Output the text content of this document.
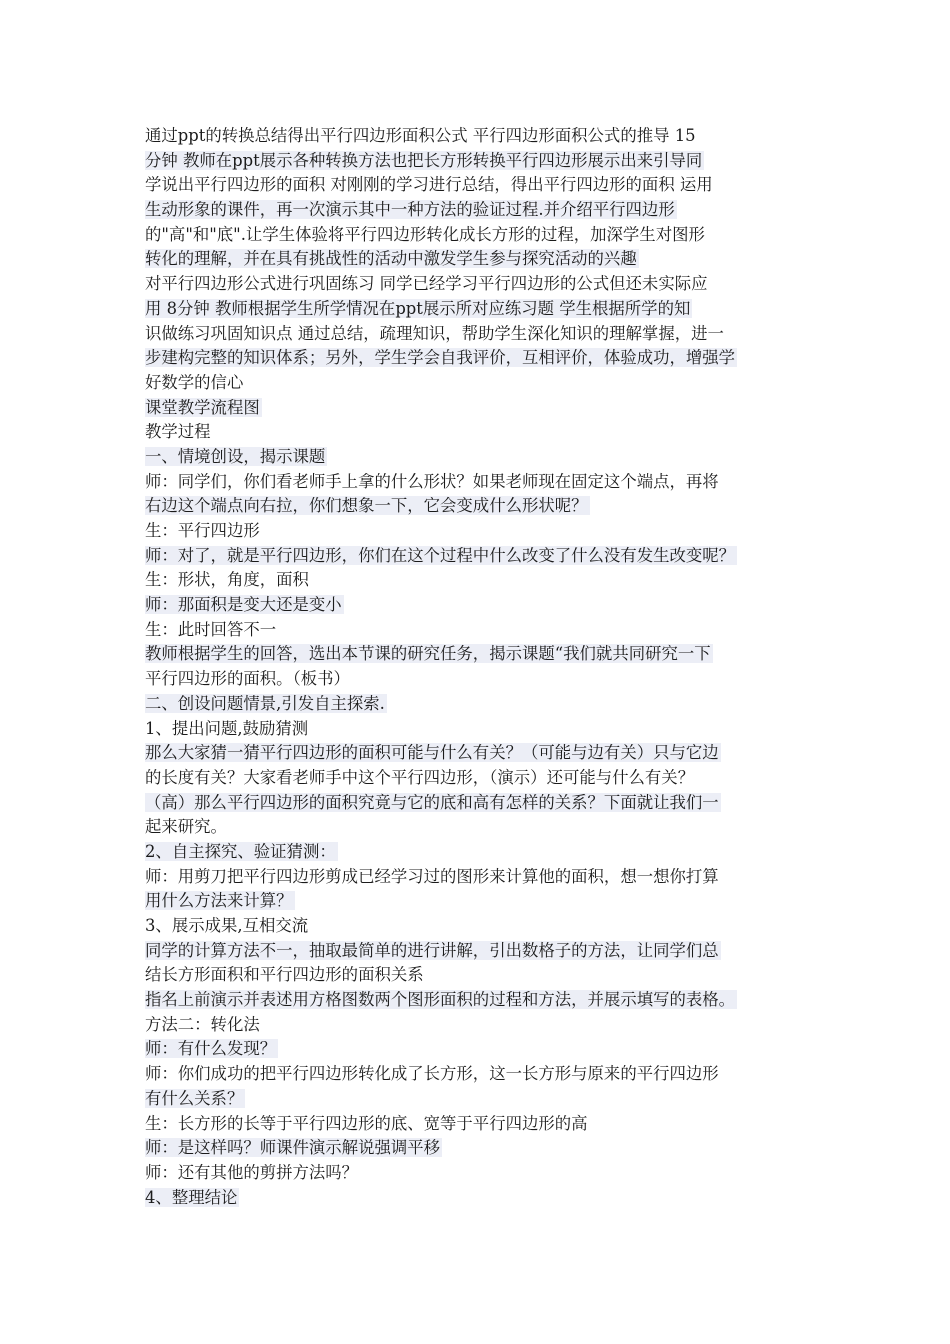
通过ppt的转换总结得出平行四边形面积公式 平行四边形面积公式的推导 15
分钟 教师在ppt展示各种转换方法也把长方形转换平行四边形展示出来引导同
学说出平行四边形的面积 对刚刚的学习进行总结，得出平行四边形的面积 运用
生动形象的课件，再一次演示其中一种方法的验证过程.并介绍平行四边形
的"高"和"底".让学生体验将平行四边形转化成长方形的过程，加深学生对图形
转化的理解，并在具有挑战性的活动中激发学生参与探究活动的兴趣
对平行四边形公式进行巩固练习 同学已经学习平行四边形的公式但还未实际应
用 8分钟 教师根据学生所学情况在ppt展示所对应练习题 学生根据所学的知
识做练习巩固知识点 通过总结，疏理知识，帮助学生深化知识的理解掌握，进一
步建构完整的知识体系；另外，学生学会自我评价，互相评价，体验成功，增强学
好数学的信心
课堂教学流程图
教学过程
一、情境创设，揭示课题
师：同学们，你们看老师手上拿的什么形状？如果老师现在固定这个端点，再将
右边这个端点向右拉，你们想象一下，它会变成什么形状呢？
生：平行四边形
师：对了，就是平行四边形，你们在这个过程中什么改变了什么没有发生改变呢？
生：形状，角度，面积
师：那面积是变大还是变小
生：此时回答不一
教师根据学生的回答，选出本节课的研究任务，揭示课题“我们就共同研究一下
平行四边形的面积。（板书）
二、创设问题情景,引发自主探索.
1、提出问题,鼓励猜测
那么大家猜一猜平行四边形的面积可能与什么有关？（可能与边有关）只与它边
的长度有关？大家看老师手中这个平行四边形，（演示）还可能与什么有关？
（高）那么平行四边形的面积究竟与它的底和高有怎样的关系？下面就让我们一
起来研究。
2、自主探究、验证猜测：
师：用剪刀把平行四边形剪成已经学习过的图形来计算他的面积，想一想你打算
用什么方法来计算？
3、展示成果,互相交流
同学的计算方法不一，抽取最简单的进行讲解，引出数格子的方法，让同学们总
结长方形面积和平行四边形的面积关系
指名上前演示并表述用方格图数两个图形面积的过程和方法，并展示填写的表格。
方法二：转化法
师：有什么发现？
师：你们成功的把平行四边形转化成了长方形，这一长方形与原来的平行四边形
有什么关系？
生：长方形的长等于平行四边形的底、宽等于平行四边形的高
师：是这样吗？师课件演示解说强调平移
师：还有其他的剪拼方法吗？
4、整理结论
